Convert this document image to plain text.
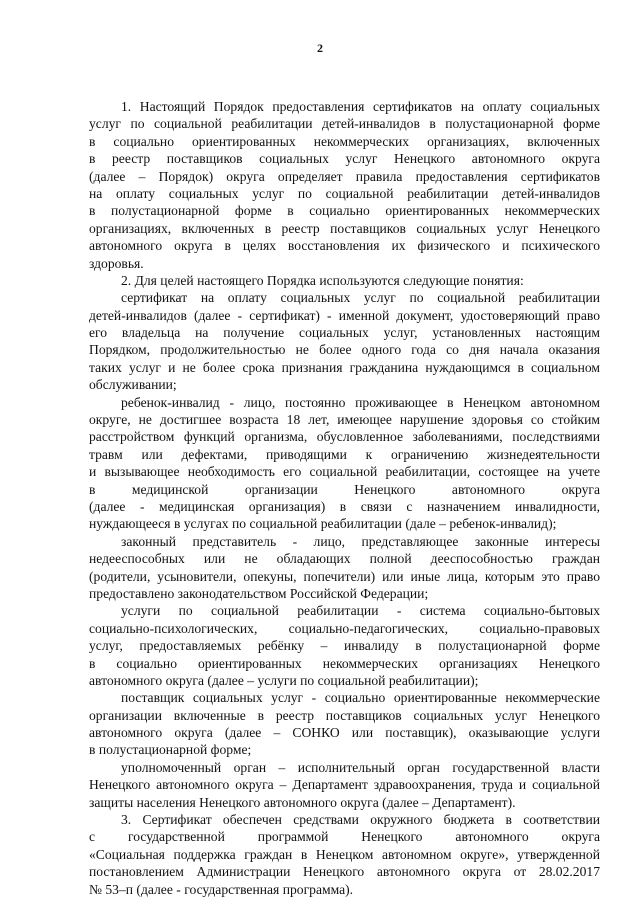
2
1. Настоящий Порядок предоставления сертификатов на оплату социальных
услуг по социальной реабилитации детей-инвалидов в полустационарной форме
в социально ориентированных некоммерческих организациях, включенных
в реестр поставщиков социальных услуг Ненецкого автономного округа
(далее – Порядок) округа определяет правила предоставления сертификатов
на оплату социальных услуг по социальной реабилитации детей-инвалидов
в полустационарной форме в социально ориентированных некоммерческих
организациях, включенных в реестр поставщиков социальных услуг Ненецкого
автономного округа в целях восстановления их физического и психического
здоровья.
2. Для целей настоящего Порядка используются следующие понятия:
сертификат на оплату социальных услуг по социальной реабилитации
детей-инвалидов (далее - сертификат) - именной документ, удостоверяющий право
его владельца на получение социальных услуг, установленных настоящим
Порядком, продолжительностью не более одного года со дня начала оказания
таких услуг и не более срока признания гражданина нуждающимся в социальном
обслуживании;
ребенок-инвалид - лицо, постоянно проживающее в Ненецком автономном
округе, не достигшее возраста 18 лет, имеющее нарушение здоровья со стойким
расстройством функций организма, обусловленное заболеваниями, последствиями
травм или дефектами, приводящими к ограничению жизнедеятельности
и вызывающее необходимость его социальной реабилитации, состоящее на учете
в медицинской организации Ненецкого автономного округа
(далее - медицинская организация) в связи с назначением инвалидности,
нуждающееся в услугах по социальной реабилитации (дале – ребенок-инвалид);
законный представитель - лицо, представляющее законные интересы
недееспособных или не обладающих полной дееспособностью граждан
(родители, усыновители, опекуны, попечители) или иные лица, которым это право
предоставлено законодательством Российской Федерации;
услуги по социальной реабилитации - система социально-бытовых
социально-психологических, социально-педагогических, социально-правовых
услуг, предоставляемых ребёнку – инвалиду в полустационарной форме
в социально ориентированных некоммерческих организациях Ненецкого
автономного округа (далее – услуги по социальной реабилитации);
поставщик социальных услуг - социально ориентированные некоммерческие
организации включенные в реестр поставщиков социальных услуг Ненецкого
автономного округа (далее – СОНКО или поставщик), оказывающие услуги
в полустационарной форме;
уполномоченный орган – исполнительный орган государственной власти
Ненецкого автономного округа – Департамент здравоохранения, труда и социальной
защиты населения Ненецкого автономного округа (далее – Департамент).
3. Сертификат обеспечен средствами окружного бюджета в соответствии
с государственной программой Ненецкого автономного округа
«Социальная поддержка граждан в Ненецком автономном округе», утвержденной
постановлением Администрации Ненецкого автономного округа от 28.02.2017
№ 53–п (далее - государственная программа).
